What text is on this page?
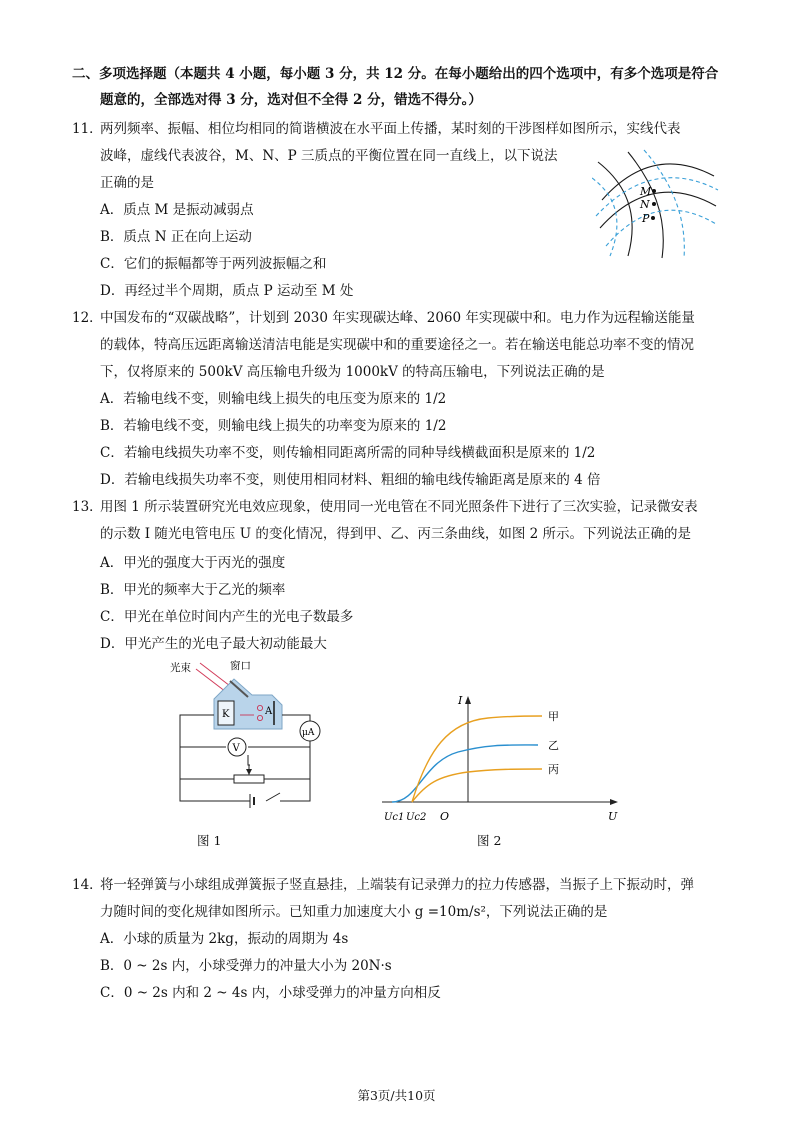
二、多项选择题（本题共 4 小题，每小题 3 分，共 12 分。在每小题给出的四个选项中，有多个选项是符合
题意的，全部选对得 3 分，选对但不全得 2 分，错选不得分。）
11．
两列频率、振幅、相位均相同的简谐横波在水平面上传播，某时刻的干涉图样如图所示，实线代表
波峰，虚线代表波谷，M、N、P 三质点的平衡位置在同一直线上，以下说法
正确的是
A．质点 M 是振动减弱点
B．质点 N 正在向上运动
C．它们的振幅都等于两列波振幅之和
D．再经过半个周期，质点 P 运动至 M 处
M
N
P
12．
中国发布的“双碳战略”，计划到 2030 年实现碳达峰、2060 年实现碳中和。电力作为远程输送能量
的载体，特高压远距离输送清洁电能是实现碳中和的重要途径之一。若在输送电能总功率不变的情况
下，仅将原来的 500kV 高压输电升级为 1000kV 的特高压输电，下列说法正确的是
A．若输电线不变，则输电线上损失的电压变为原来的 1/2
B．若输电线不变，则输电线上损失的功率变为原来的 1/2
C．若输电线损失功率不变，则传输相同距离所需的同种导线横截面积是原来的 1/2
D．若输电线损失功率不变，则使用相同材料、粗细的输电线传输距离是原来的 4 倍
13．
用图 1 所示装置研究光电效应现象，使用同一光电管在不同光照条件下进行了三次实验，记录微安表
的示数 I 随光电管电压 U 的变化情况，得到甲、乙、丙三条曲线，如图 2 所示。下列说法正确的是
A．甲光的强度大于丙光的强度
B．甲光的频率大于乙光的频率
C．甲光在单位时间内产生的光电子数最多
D．甲光产生的光电子最大初动能最大
光束	窗口
K	A
V
μA
图 1
I
U
O
Uc1 Uc2
甲
乙
丙
图 2
14．
将一轻弹簧与小球组成弹簧振子竖直悬挂，上端装有记录弹力的拉力传感器，当振子上下振动时，弹
力随时间的变化规律如图所示。已知重力加速度大小 g =10m/s²，下列说法正确的是
A．小球的质量为 2kg，振动的周期为 4s
B．0 ~ 2s 内，小球受弹力的冲量大小为 20N·s
C．0 ~ 2s 内和 2 ~ 4s 内，小球受弹力的冲量方向相反
第3页/共10页
